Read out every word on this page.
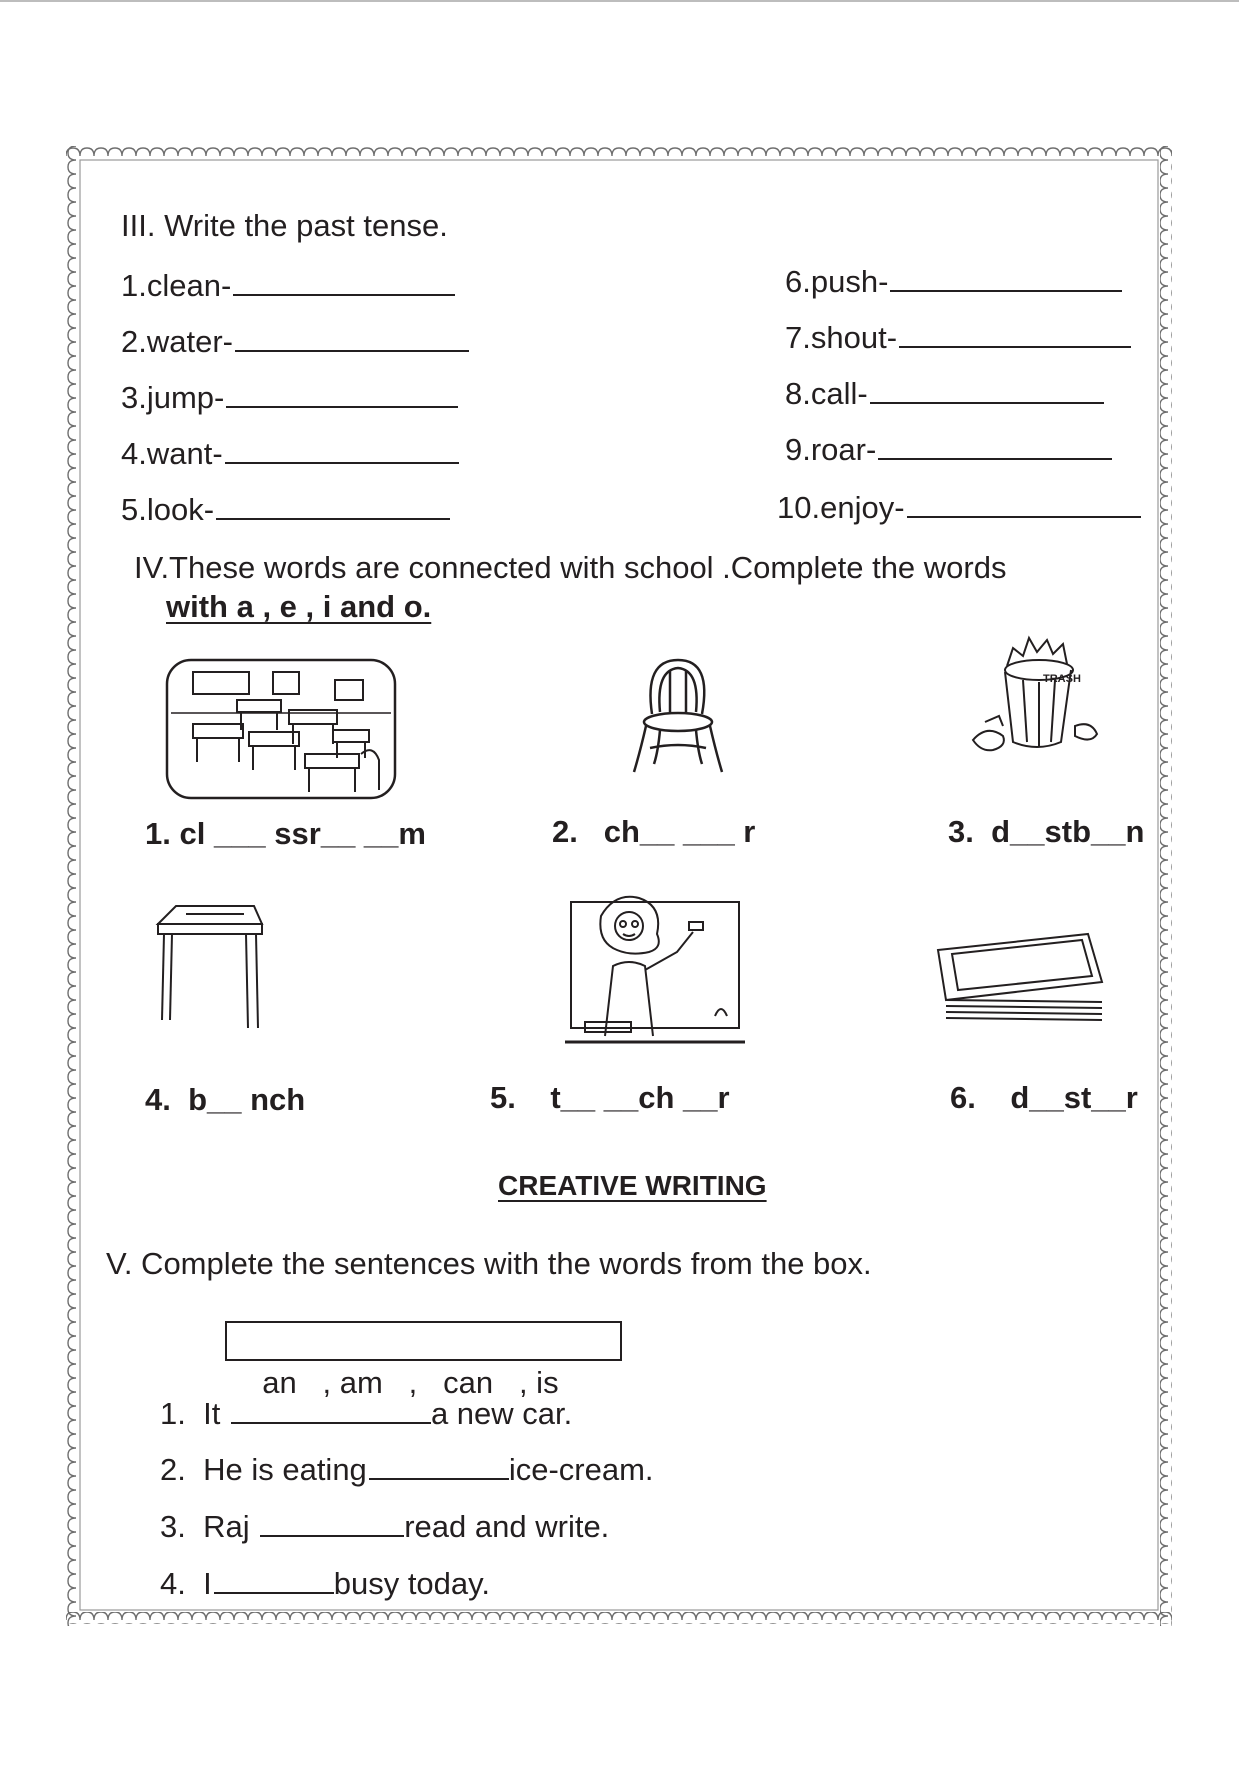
III. Write the past tense.
1.clean-
2.water-
3.jump-
4.want-
5.look-
6.push-
7.shout-
8.call-
9.roar-
10.enjoy-
IV.These words are connected with school .Complete the words
with a , e , i and o.
TRASH
1. cl ___ ssr__ __m	2. ch__ ___ r	3. d__stb__n
4. b__ nch	5. t__ __ch __r	6. d__st__r
CREATIVE WRITING
V. Complete the sentences with the words from the box.

an   , am   ,   can   , is

1. It	a new car.
2. He is eating	ice-cream.
3. Raj	read and write.
4. I	busy today.
